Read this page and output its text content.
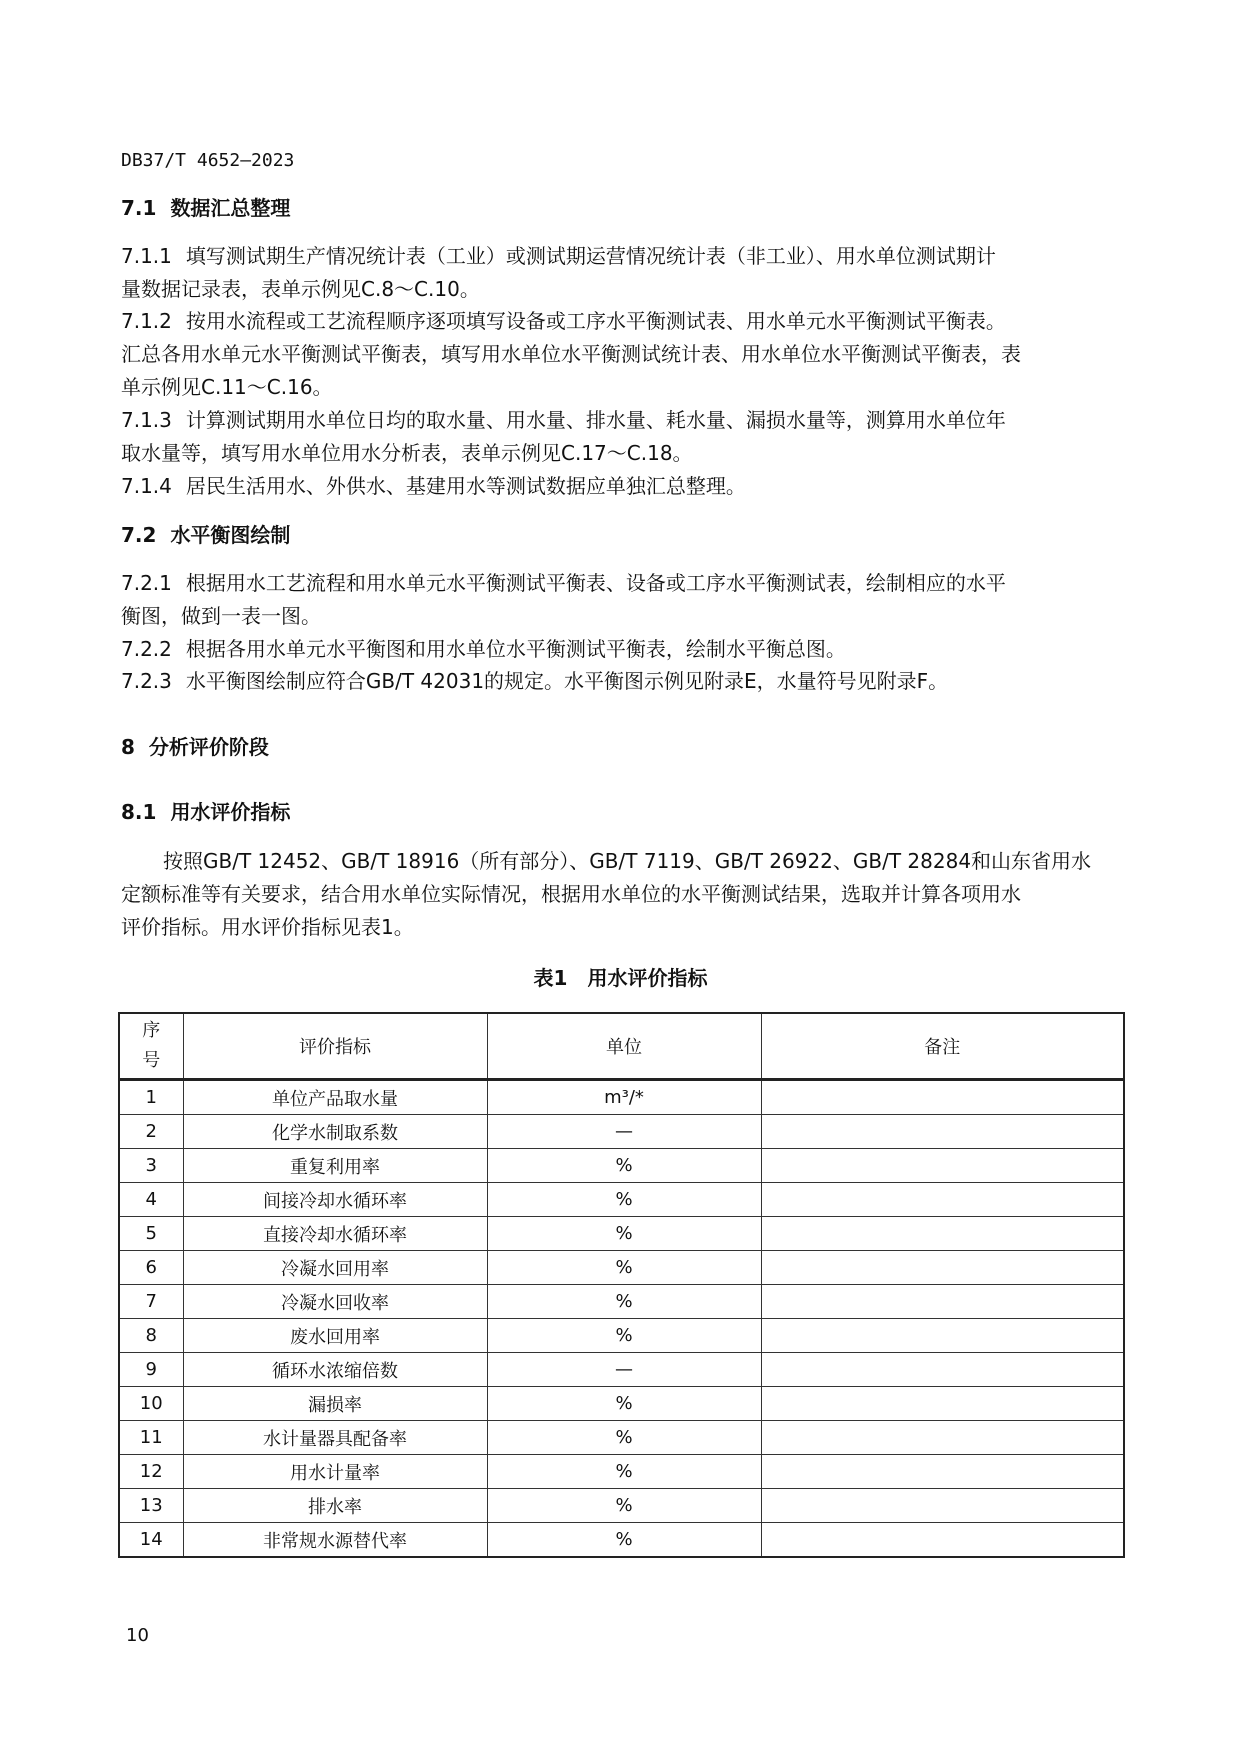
DB37/T 4652—2023
7.1 数据汇总整理
7.1.1 填写测试期生产情况统计表（工业）或测试期运营情况统计表（非工业）、用水单位测试期计
量数据记录表，表单示例见C.8～C.10。
7.1.2 按用水流程或工艺流程顺序逐项填写设备或工序水平衡测试表、用水单元水平衡测试平衡表。
汇总各用水单元水平衡测试平衡表，填写用水单位水平衡测试统计表、用水单位水平衡测试平衡表，表
单示例见C.11～C.16。
7.1.3 计算测试期用水单位日均的取水量、用水量、排水量、耗水量、漏损水量等，测算用水单位年
取水量等，填写用水单位用水分析表，表单示例见C.17～C.18。
7.1.4 居民生活用水、外供水、基建用水等测试数据应单独汇总整理。
7.2 水平衡图绘制
7.2.1 根据用水工艺流程和用水单元水平衡测试平衡表、设备或工序水平衡测试表，绘制相应的水平
衡图，做到一表一图。
7.2.2 根据各用水单元水平衡图和用水单位水平衡测试平衡表，绘制水平衡总图。
7.2.3 水平衡图绘制应符合GB/T 42031的规定。水平衡图示例见附录E，水量符号见附录F。
8 分析评价阶段
8.1 用水评价指标
按照GB/T 12452、GB/T 18916（所有部分）、GB/T 7119、GB/T 26922、GB/T 28284和山东省用水
定额标准等有关要求，结合用水单位实际情况，根据用水单位的水平衡测试结果，选取并计算各项用水
评价指标。用水评价指标见表1。
表1　用水评价指标
序号	评价指标	单位	备注
1	单位产品取水量	m³/*	
2	化学水制取系数	—	
3	重复利用率	%	
4	间接冷却水循环率	%	
5	直接冷却水循环率	%	
6	冷凝水回用率	%	
7	冷凝水回收率	%	
8	废水回用率	%	
9	循环水浓缩倍数	—	
10	漏损率	%	
11	水计量器具配备率	%	
12	用水计量率	%	
13	排水率	%	
14	非常规水源替代率	%	
10
